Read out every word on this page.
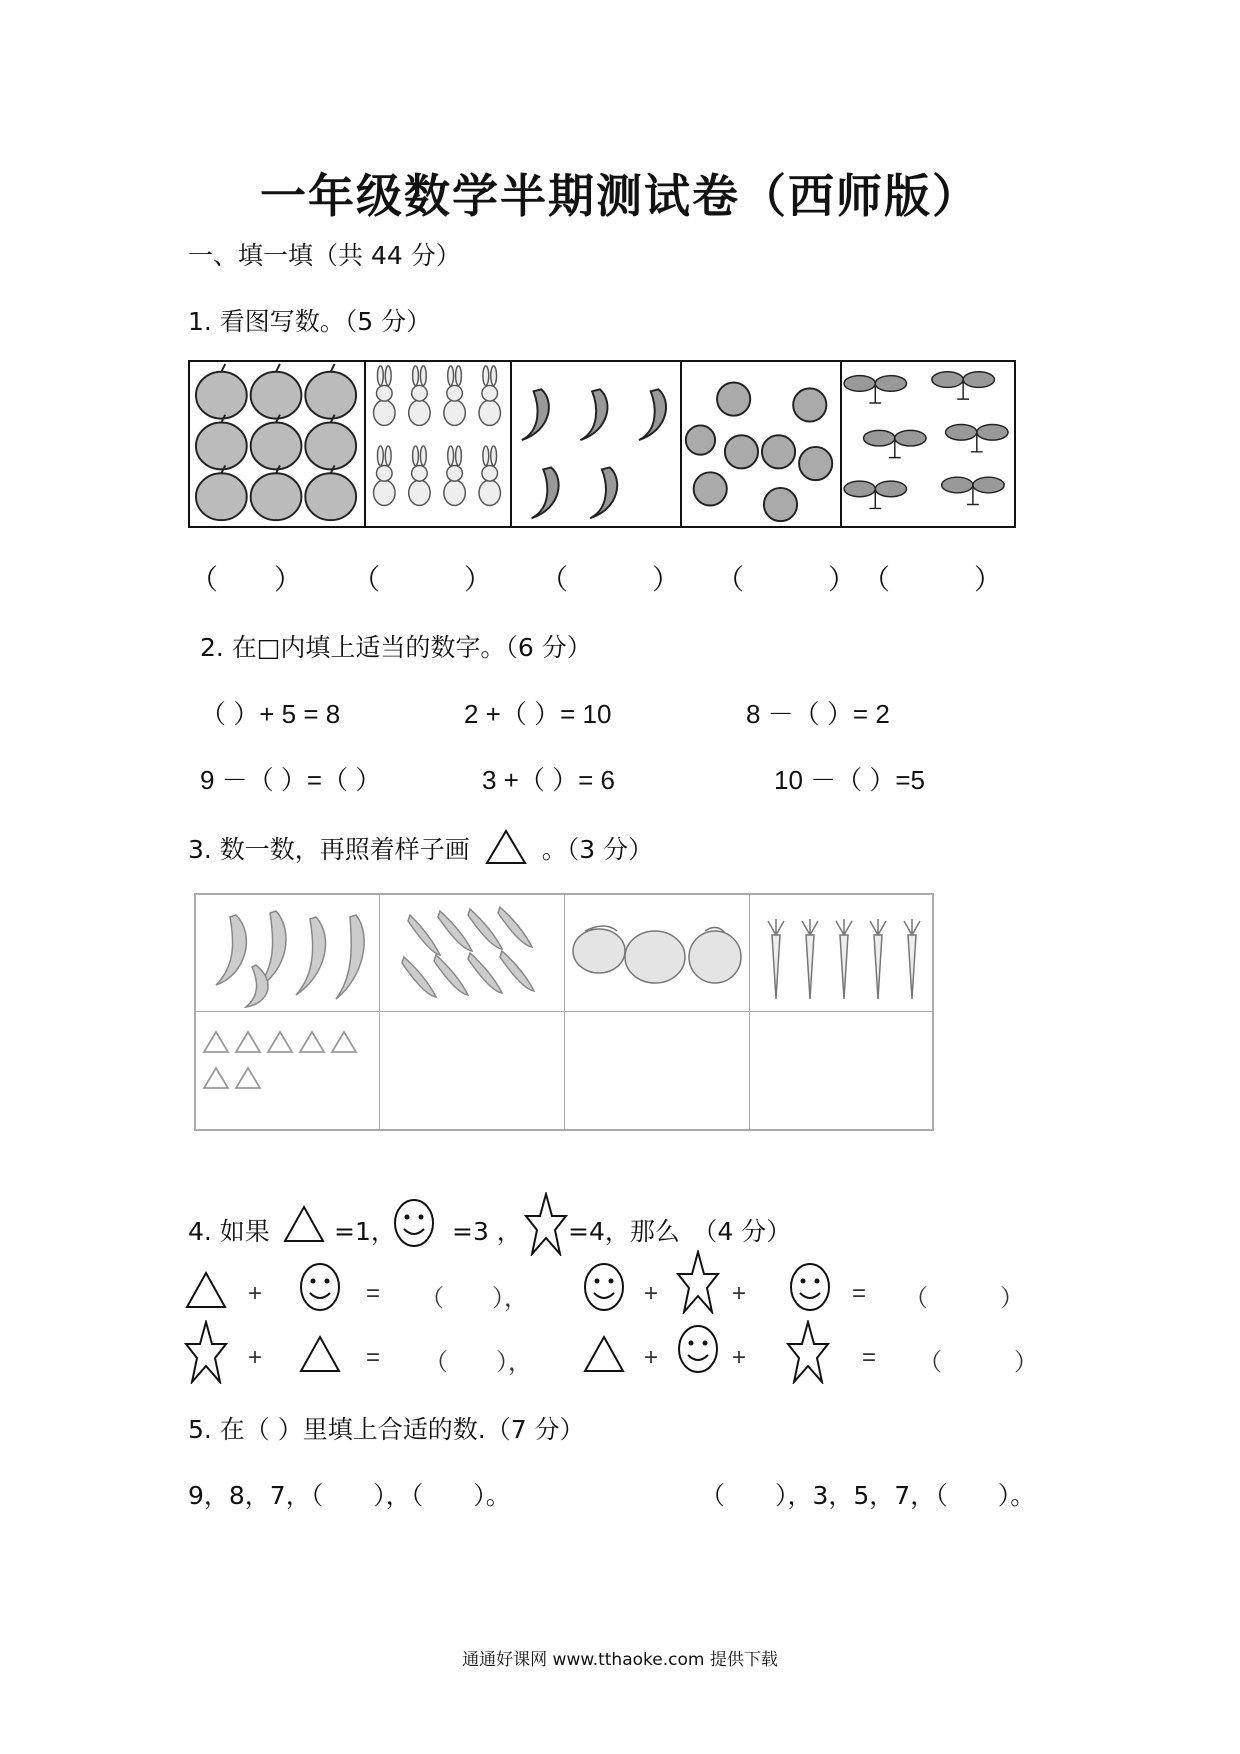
一年级数学半期测试卷（西师版）
一、填一填（共 44 分）
1. 看图写数。（5 分）
（　　） （　　　） （　　　） （　　　） （　　　）
2. 在□内填上适当的数字。（6 分）
（ ）+ 5 = 8	2 +（ ）= 10	8 －（ ）= 2
9 －（ ）=（ ）	3 +（ ）= 6	10 －（ ）=5
3. 数一数，再照着样子画	。（3 分）
4. 如果	=1， =3 ， =4，那么　（4 分）
+	= （　　），	+	+	= （　　　）
+	= （　　），	+	+	= （　　　）
5. 在（ ）里填上合适的数.（7 分）
9，8，7，（　　），（　　）。	（　　），3，5，7，（　　）。
通通好课网 www.tthaoke.com 提供下载
